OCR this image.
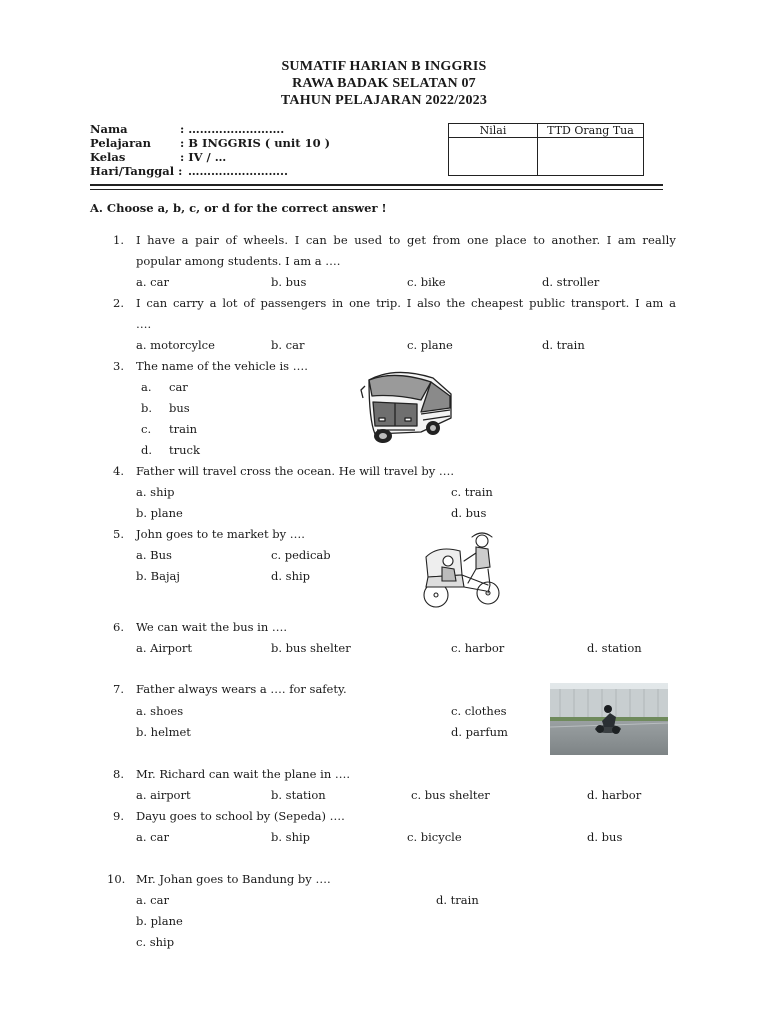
SUMATIF HARIAN B INGGRIS
RAWA BADAK SELATAN 07
TAHUN PELAJARAN 2022/2023
Nama	: …………………….
Pelajaran	: B INGGRIS ( unit 10 )
Kelas	: IV / …
Hari/Tanggal : ……………………..
Nilai	TTD Orang Tua

A. Choose a, b, c, or d for the correct answer !
1. I have a pair of wheels. I can be used to get from one place to another. I am really
popular among students. I am a ….
a. car	b. bus	c. bike	d. stroller
2. I can carry a lot of passengers in one trip. I also the cheapest public transport. I am a
….
a. motorcylce	b. car	c. plane	d. train
3. The name of the vehicle is ….
a. car
b. bus
c. train
d. truck
4. Father will travel cross the ocean. He will travel by ….
a. ship	c. train
b. plane	d. bus
5. John goes to te market by ….
a. Bus	c. pedicab
b. Bajaj	d. ship
6. We can wait the bus in ….
a. Airport	b. bus shelter	c. harbor	d. station
7. Father always wears a …. for safety.
a. shoes	c. clothes
b. helmet	d. parfum
8. Mr. Richard can wait the plane in ….
a. airport	b. station	c. bus shelter	d. harbor
9. Dayu goes to school by (Sepeda) ….
a. car	b. ship	c. bicycle	d. bus
10. Mr. Johan goes to Bandung by ….
a. car	d. train
b. plane
c. ship
